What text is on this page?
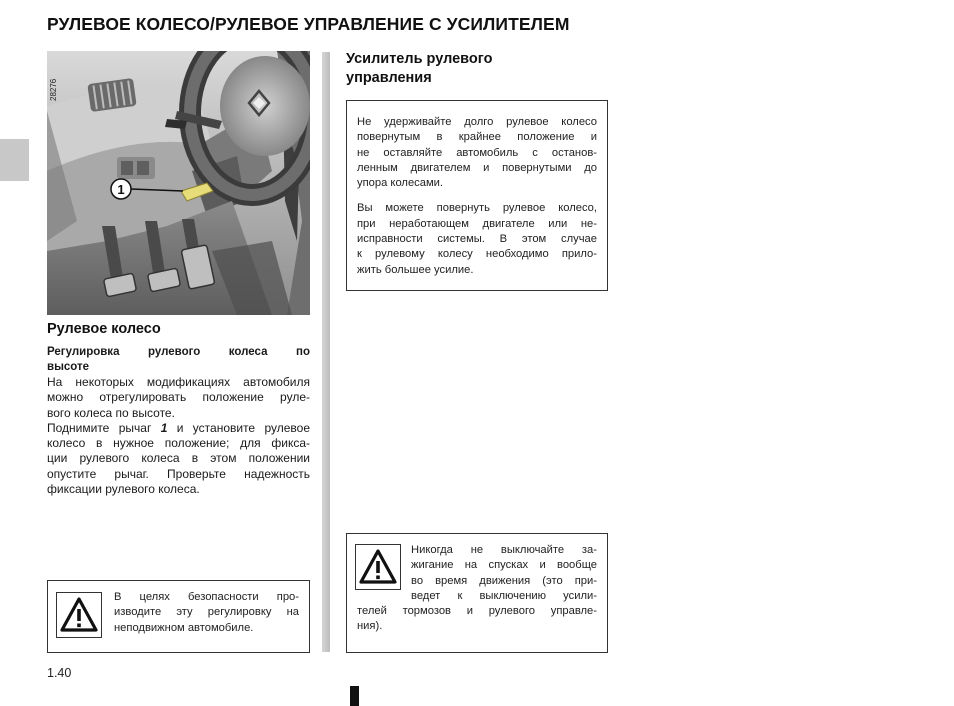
РУЛЕВОЕ КОЛЕСО/РУЛЕВОЕ УПРАВЛЕНИЕ С УСИЛИТЕЛЕМ
1
28276
Рулевое колесо
Регулировка рулевого колеса по
высоте
На некоторых модификациях автомобиля
можно отрегулировать положение руле-
вого колеса по высоте.
Поднимите рычаг 1 и установите рулевое
колесо в нужное положение; для фикса-
ции рулевого колеса в этом положении
опустите рычаг. Проверьте надежность
фиксации рулевого колеса.
В целях безопасности про-
изводите эту регулировку на
неподвижном автомобиле.
Усилитель рулевого
управления
Не удерживайте долго рулевое колесо
повернутым в крайнее положение и
не оставляйте автомобиль с останов-
ленным двигателем и повернутыми до
упора колесами.
Вы можете повернуть рулевое колесо,
при неработающем двигателе или не-
исправности системы. В этом случае
к рулевому колесу необходимо прило-
жить большее усилие.
Никогда не выключайте за-
жигание на спусках и вообще
во время движения (это при-
ведет к выключению усили-
телей тормозов и рулевого управле-
ния).
1.40
